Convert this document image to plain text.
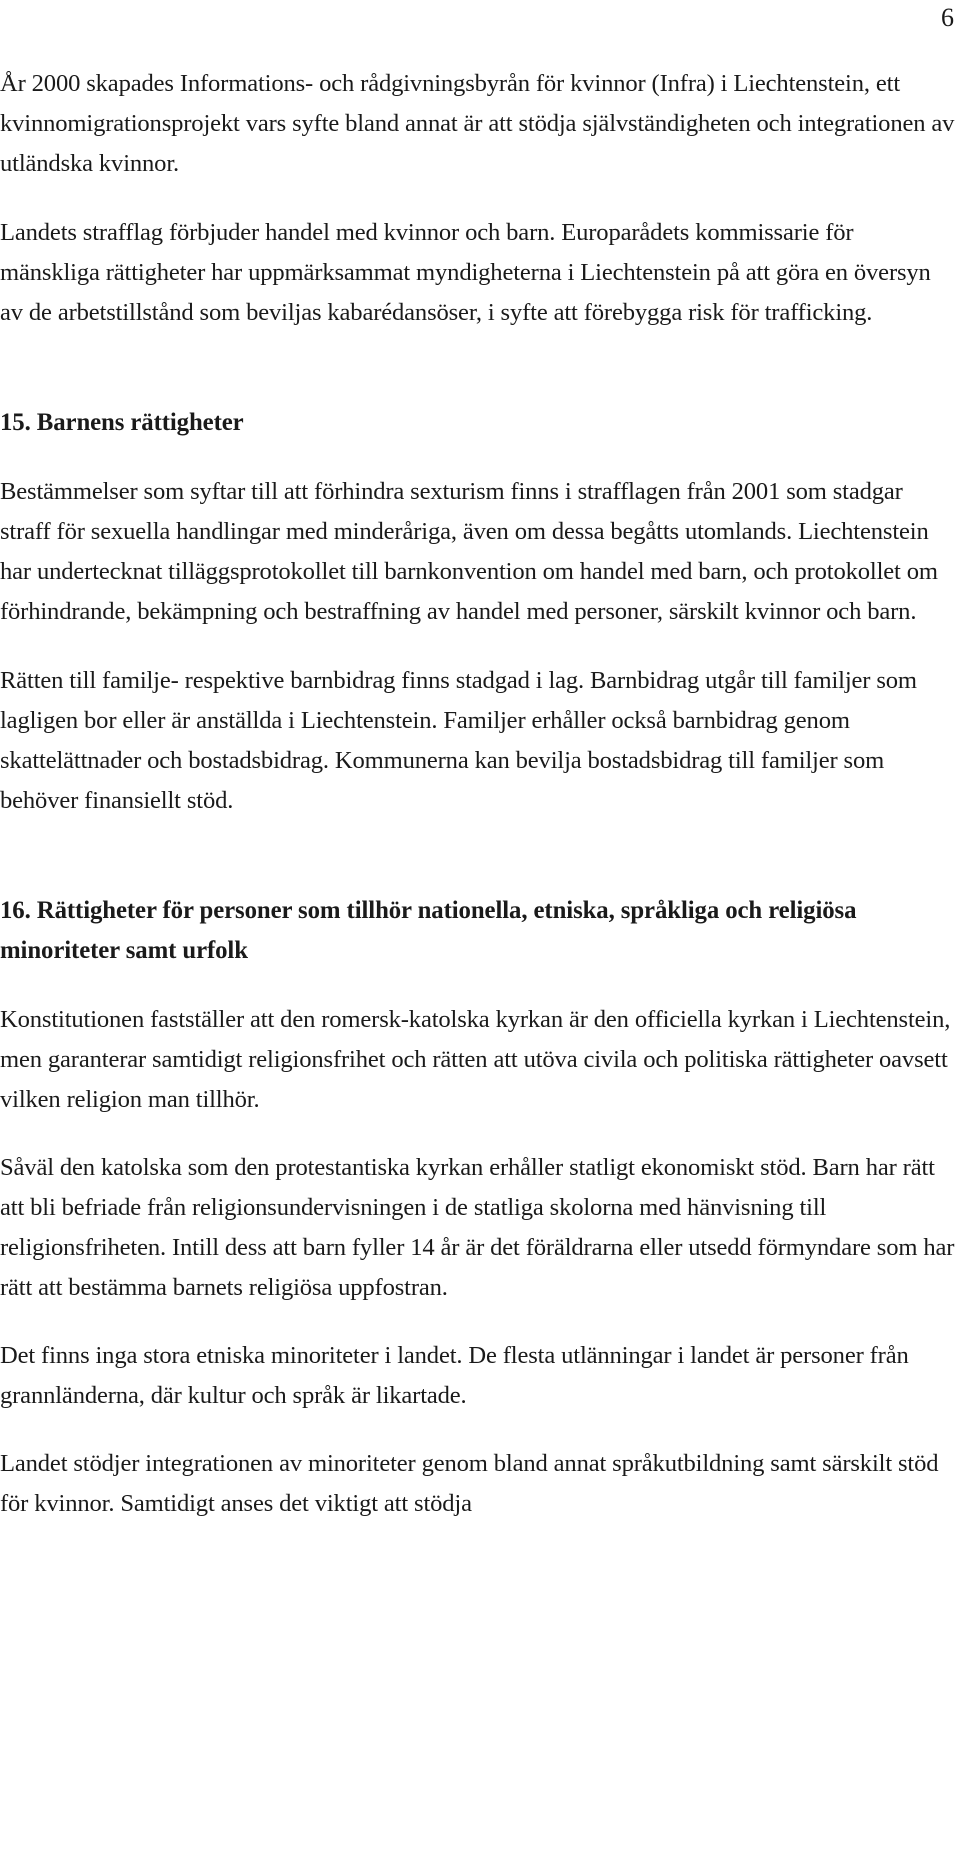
6

År 2000 skapades Informations- och rådgivningsbyrån för kvinnor (Infra) i Liechtenstein, ett kvinnomigrationsprojekt vars syfte bland annat är att stödja självständigheten och integrationen av utländska kvinnor.

Landets strafflag förbjuder handel med kvinnor och barn. Europarådets kommissarie för mänskliga rättigheter har uppmärksammat myndigheterna i Liechtenstein på att göra en översyn av de arbetstillstånd som beviljas kabarédansöser, i syfte att förebygga risk för trafficking.

15. Barnens rättigheter

Bestämmelser som syftar till att förhindra sexturism finns i strafflagen från 2001 som stadgar straff för sexuella handlingar med minderåriga, även om dessa begåtts utomlands. Liechtenstein har undertecknat tilläggsprotokollet till barnkonvention om handel med barn, och protokollet om förhindrande, bekämpning och bestraffning av handel med personer, särskilt kvinnor och barn.

Rätten till familje- respektive barnbidrag finns stadgad i lag. Barnbidrag utgår till familjer som lagligen bor eller är anställda i Liechtenstein. Familjer erhåller också barnbidrag genom skattelättnader och bostadsbidrag. Kommunerna kan bevilja bostadsbidrag till familjer som behöver finansiellt stöd.

16. Rättigheter för personer som tillhör nationella, etniska, språkliga och religiösa minoriteter samt urfolk

Konstitutionen fastställer att den romersk-katolska kyrkan är den officiella kyrkan i Liechtenstein, men garanterar samtidigt religionsfrihet och rätten att utöva civila och politiska rättigheter oavsett vilken religion man tillhör.

Såväl den katolska som den protestantiska kyrkan erhåller statligt ekonomiskt stöd. Barn har rätt att bli befriade från religionsundervisningen i de statliga skolorna med hänvisning till religionsfriheten. Intill dess att barn fyller 14 år är det föräldrarna eller utsedd förmyndare som har rätt att bestämma barnets religiösa uppfostran.

Det finns inga stora etniska minoriteter i landet. De flesta utlänningar i landet är personer från grannländerna, där kultur och språk är likartade.

Landet stödjer integrationen av minoriteter genom bland annat språkutbildning samt särskilt stöd för kvinnor. Samtidigt anses det viktigt att stödja
